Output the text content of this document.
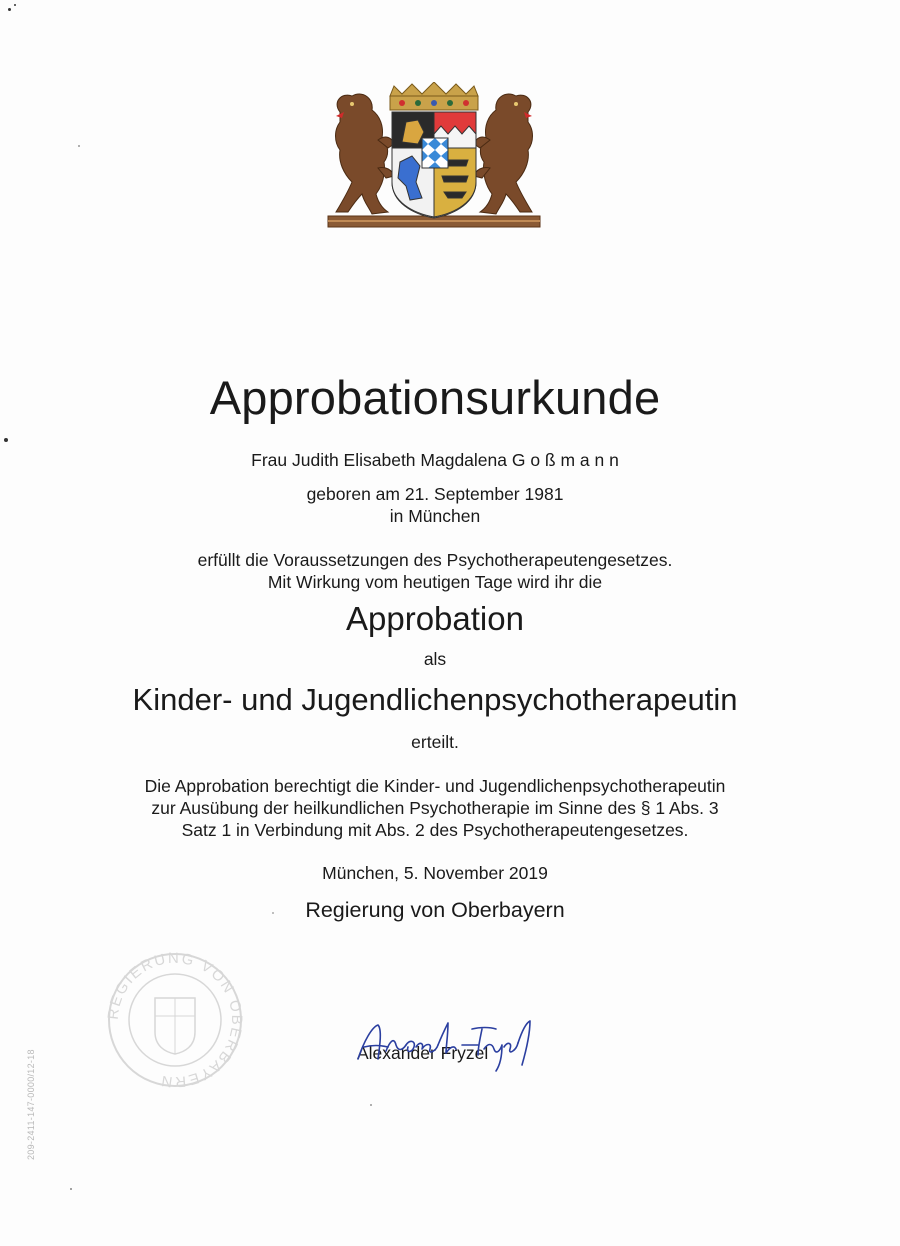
Approbationsurkunde
Frau Judith Elisabeth Magdalena G o ß m a n n
geboren am 21. September 1981
in München
erfüllt die Voraussetzungen des Psychotherapeutengesetzes.
Mit Wirkung vom heutigen Tage wird ihr die
Approbation
als
Kinder- und Jugendlichenpsychotherapeutin
erteilt.
Die Approbation berechtigt die Kinder- und Jugendlichenpsychotherapeutin
zur Ausübung der heilkundlichen Psychotherapie im Sinne des § 1 Abs. 3
Satz 1 in Verbindung mit Abs. 2 des Psychotherapeutengesetzes.
München, 5. November 2019
Regierung von Oberbayern
REGIERUNG VON OBERBAYERN
Alexander Fryzel
209-2411-147-0000/12-18
